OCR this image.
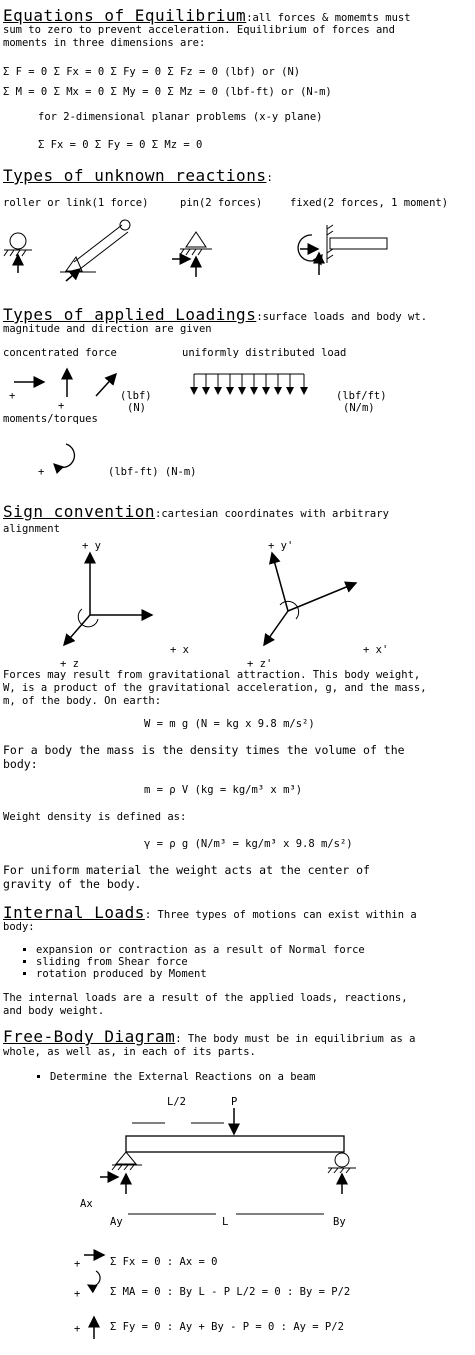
Equations of Equilibrium:all forces & momemts must
sum to zero to prevent acceleration. Equilibrium of forces and
moments in three dimensions are:
Σ F = 0 Σ Fx = 0 Σ Fy = 0 Σ Fz = 0 (lbf) or (N)
Σ M = 0 Σ Mx = 0 Σ My = 0 Σ Mz = 0 (lbf-ft) or (N-m)
for 2-dimensional planar problems (x-y plane)
Σ Fx = 0 Σ Fy = 0 Σ Mz = 0
Types of unknown reactions:
roller or link(1 force)	pin(2 forces)	fixed(2 forces, 1 moment)
Types of applied Loadings:surface loads and body wt.
magnitude and direction are given
concentrated force	uniformly distributed load
+
+
(lbf)
(N)
(lbf/ft)
(N/m)
moments/torques
+	(lbf-ft) (N-m)
Sign convention:cartesian coordinates with arbitrary
alignment
+ y
+ x
+ z
+ y'
+ x'
+ z'
Forces may result from gravitational attraction. This body weight,
W, is a product of the gravitational acceleration, g, and the mass,
m, of the body. On earth:
W = m g (N = kg x 9.8 m/s²)
For a body the mass is the density times the volume of the
body:
m = ρ V (kg = kg/m³ x m³)
Weight density is defined as:
γ = ρ g (N/m³ = kg/m³ x 9.8 m/s²)
For uniform material the weight acts at the center of
gravity of the body.
Internal Loads: Three types of motions can exist within a
body:
▪ expansion or contraction as a result of Normal force
▪ sliding from Shear force
▪ rotation produced by Moment
The internal loads are a result of the applied loads, reactions,
and body weight.
Free-Body Diagram: The body must be in equilibrium as a
whole, as well as, in each of its parts.
▪ Determine the External Reactions on a beam
L/2	P
Ax
Ay	L	By
+
+
+
Σ Fx = 0 : Ax = 0
Σ MA = 0 : By L - P L/2 = 0 : By = P/2
Σ Fy = 0 : Ay + By - P = 0 : Ay = P/2
